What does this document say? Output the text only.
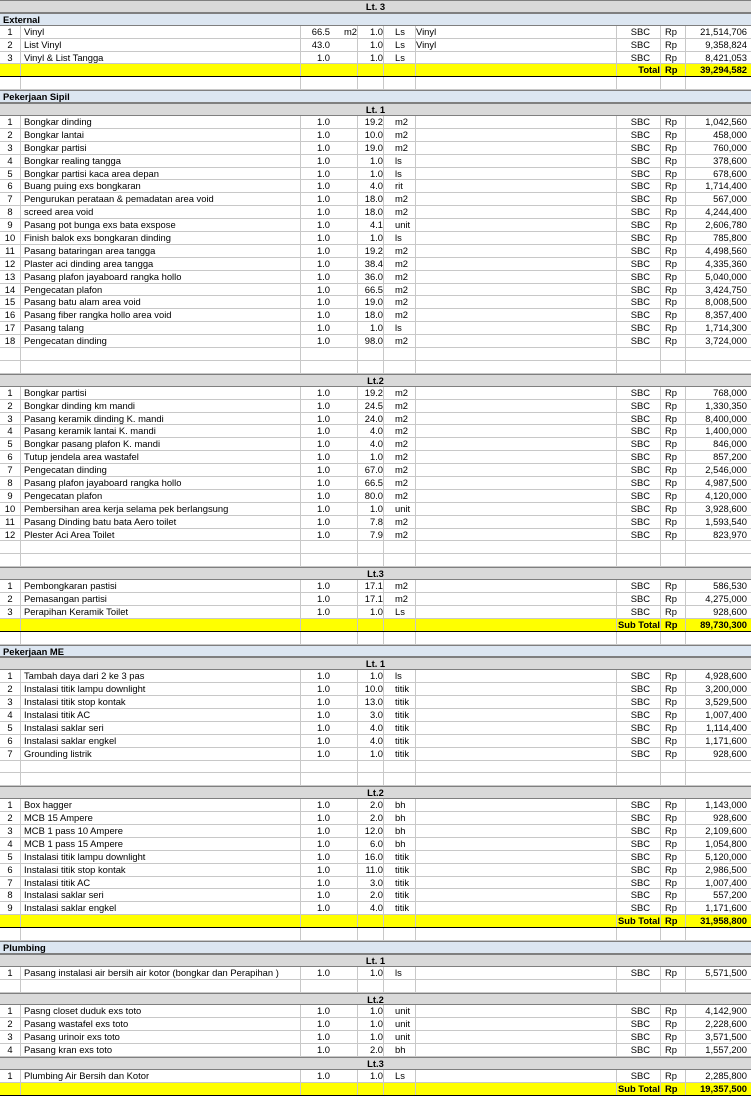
Lt. 3
External
1	Vinyl	66.5	m2	1.0 Ls	Vinyl	SBC Rp	21,514,706
2	List Vinyl	43.0	1.0 Ls	Vinyl	SBC Rp	9,358,824
3	Vinyl & List Tangga	1.0	1.0 Ls	SBC Rp	8,421,053
Total Rp	39,294,582
Pekerjaan Sipil
Lt. 1
1	Bongkar dinding	1.0	19.2 m2	SBC Rp	1,042,560
2	Bongkar lantai	1.0	10.0 m2	SBC Rp	458,000
3	Bongkar partisi	1.0	19.0 m2	SBC Rp	760,000
4	Bongkar realing tangga	1.0	1.0 ls	SBC Rp	378,600
5	Bongkar partisi kaca area depan	1.0	1.0 ls	SBC Rp	678,600
6	Buang puing exs bongkaran	1.0	4.0 rit	SBC Rp	1,714,400
7	Pengurukan perataan & pemadatan area void	1.0	18.0 m2	SBC Rp	567,000
8	screed area void	1.0	18.0 m2	SBC Rp	4,244,400
9	Pasang pot bunga exs bata exspose	1.0	4.1 unit	SBC Rp	2,606,780
10 Finish balok exs bongkaran dinding	1.0	1.0 ls	SBC Rp	785,800
11 Pasang bataringan area tangga	1.0	19.2 m2	SBC Rp	4,498,560
12 Plaster aci dinding area tangga	1.0	38.4 m2	SBC Rp	4,335,360
13 Pasang plafon jayaboard rangka hollo	1.0	36.0 m2	SBC Rp	5,040,000
14 Pengecatan plafon	1.0	66.5 m2	SBC Rp	3,424,750
15 Pasang batu alam area void	1.0	19.0 m2	SBC Rp	8,008,500
16 Pasang fiber rangka hollo area void	1.0	18.0 m2	SBC Rp	8,357,400
17 Pasang talang	1.0	1.0 ls	SBC Rp	1,714,300
18 Pengecatan dinding	1.0	98.0 m2	SBC Rp	3,724,000
Lt.2
1	Bongkar partisi	1.0	19.2 m2	SBC Rp	768,000
2	Bongkar dinding km mandi	1.0	24.5 m2	SBC Rp	1,330,350
3	Pasang keramik dinding K. mandi	1.0	24.0 m2	SBC Rp	8,400,000
4	Pasang keramik lantai K. mandi	1.0	4.0 m2	SBC Rp	1,400,000
5	Bongkar pasang plafon K. mandi	1.0	4.0 m2	SBC Rp	846,000
6	Tutup jendela area wastafel	1.0	1.0 m2	SBC Rp	857,200
7	Pengecatan dinding	1.0	67.0 m2	SBC Rp	2,546,000
8	Pasang plafon jayaboard rangka hollo	1.0	66.5 m2	SBC Rp	4,987,500
9	Pengecatan plafon	1.0	80.0 m2	SBC Rp	4,120,000
10 Pembersihan area kerja selama pek berlangsung	1.0	1.0 unit	SBC Rp	3,928,600
11 Pasang Dinding batu bata Aero toilet	1.0	7.8 m2	SBC Rp	1,593,540
12 Plester Aci Area Toilet	1.0	7.9 m2	SBC Rp	823,970
Lt.3
1	Pembongkaran pastisi	1.0	17.1 m2	SBC Rp	586,530
2	Pemasangan partisi	1.0	17.1 m2	SBC Rp	4,275,000
3	Perapihan Keramik Toilet	1.0	1.0 Ls	SBC Rp	928,600
Sub Total Rp	89,730,300
Pekerjaan ME
Lt. 1
1	Tambah daya dari 2 ke 3 pas	1.0	1.0 ls	SBC Rp	4,928,600
2	Instalasi titik lampu downlight	1.0	10.0 titik	SBC Rp	3,200,000
3	Instalasi titik stop kontak	1.0	13.0 titik	SBC Rp	3,529,500
4	Instalasi titik AC	1.0	3.0 titik	SBC Rp	1,007,400
5	Instalasi saklar seri	1.0	4.0 titik	SBC Rp	1,114,400
6	Instalasi saklar engkel	1.0	4.0 titik	SBC Rp	1,171,600
7	Grounding listrik	1.0	1.0 titik	SBC Rp	928,600
Lt.2
1	Box hagger	1.0	2.0 bh	SBC Rp	1,143,000
2	MCB 15 Ampere	1.0	2.0 bh	SBC Rp	928,600
3	MCB 1 pass 10 Ampere	1.0	12.0 bh	SBC Rp	2,109,600
4	MCB 1 pass 15 Ampere	1.0	6.0 bh	SBC Rp	1,054,800
5	Instalasi titik lampu downlight	1.0	16.0 titik	SBC Rp	5,120,000
6	Instalasi titik stop kontak	1.0	11.0 titik	SBC Rp	2,986,500
7	Instalasi titik AC	1.0	3.0 titik	SBC Rp	1,007,400
8	Instalasi saklar seri	1.0	2.0 titik	SBC Rp	557,200
9	Instalasi saklar engkel	1.0	4.0 titik	SBC Rp	1,171,600
Sub Total Rp	31,958,800
Plumbing
Lt. 1
1	Pasang instalasi air bersih air kotor (bongkar dan Perapihan )	1.0	1.0 ls	SBC Rp	5,571,500
Lt.2
1	Pasng closet duduk exs toto	1.0	1.0 unit	SBC Rp	4,142,900
2	Pasang wastafel exs toto	1.0	1.0 unit	SBC Rp	2,228,600
3	Pasang urinoir exs toto	1.0	1.0 unit	SBC Rp	3,571,500
4	Pasang kran exs toto	1.0	2.0 bh	SBC Rp	1,557,200
Lt.3
1	Plumbing Air Bersih dan Kotor	1.0	1.0 Ls	SBC Rp	2,285,800
Sub Total Rp	19,357,500
